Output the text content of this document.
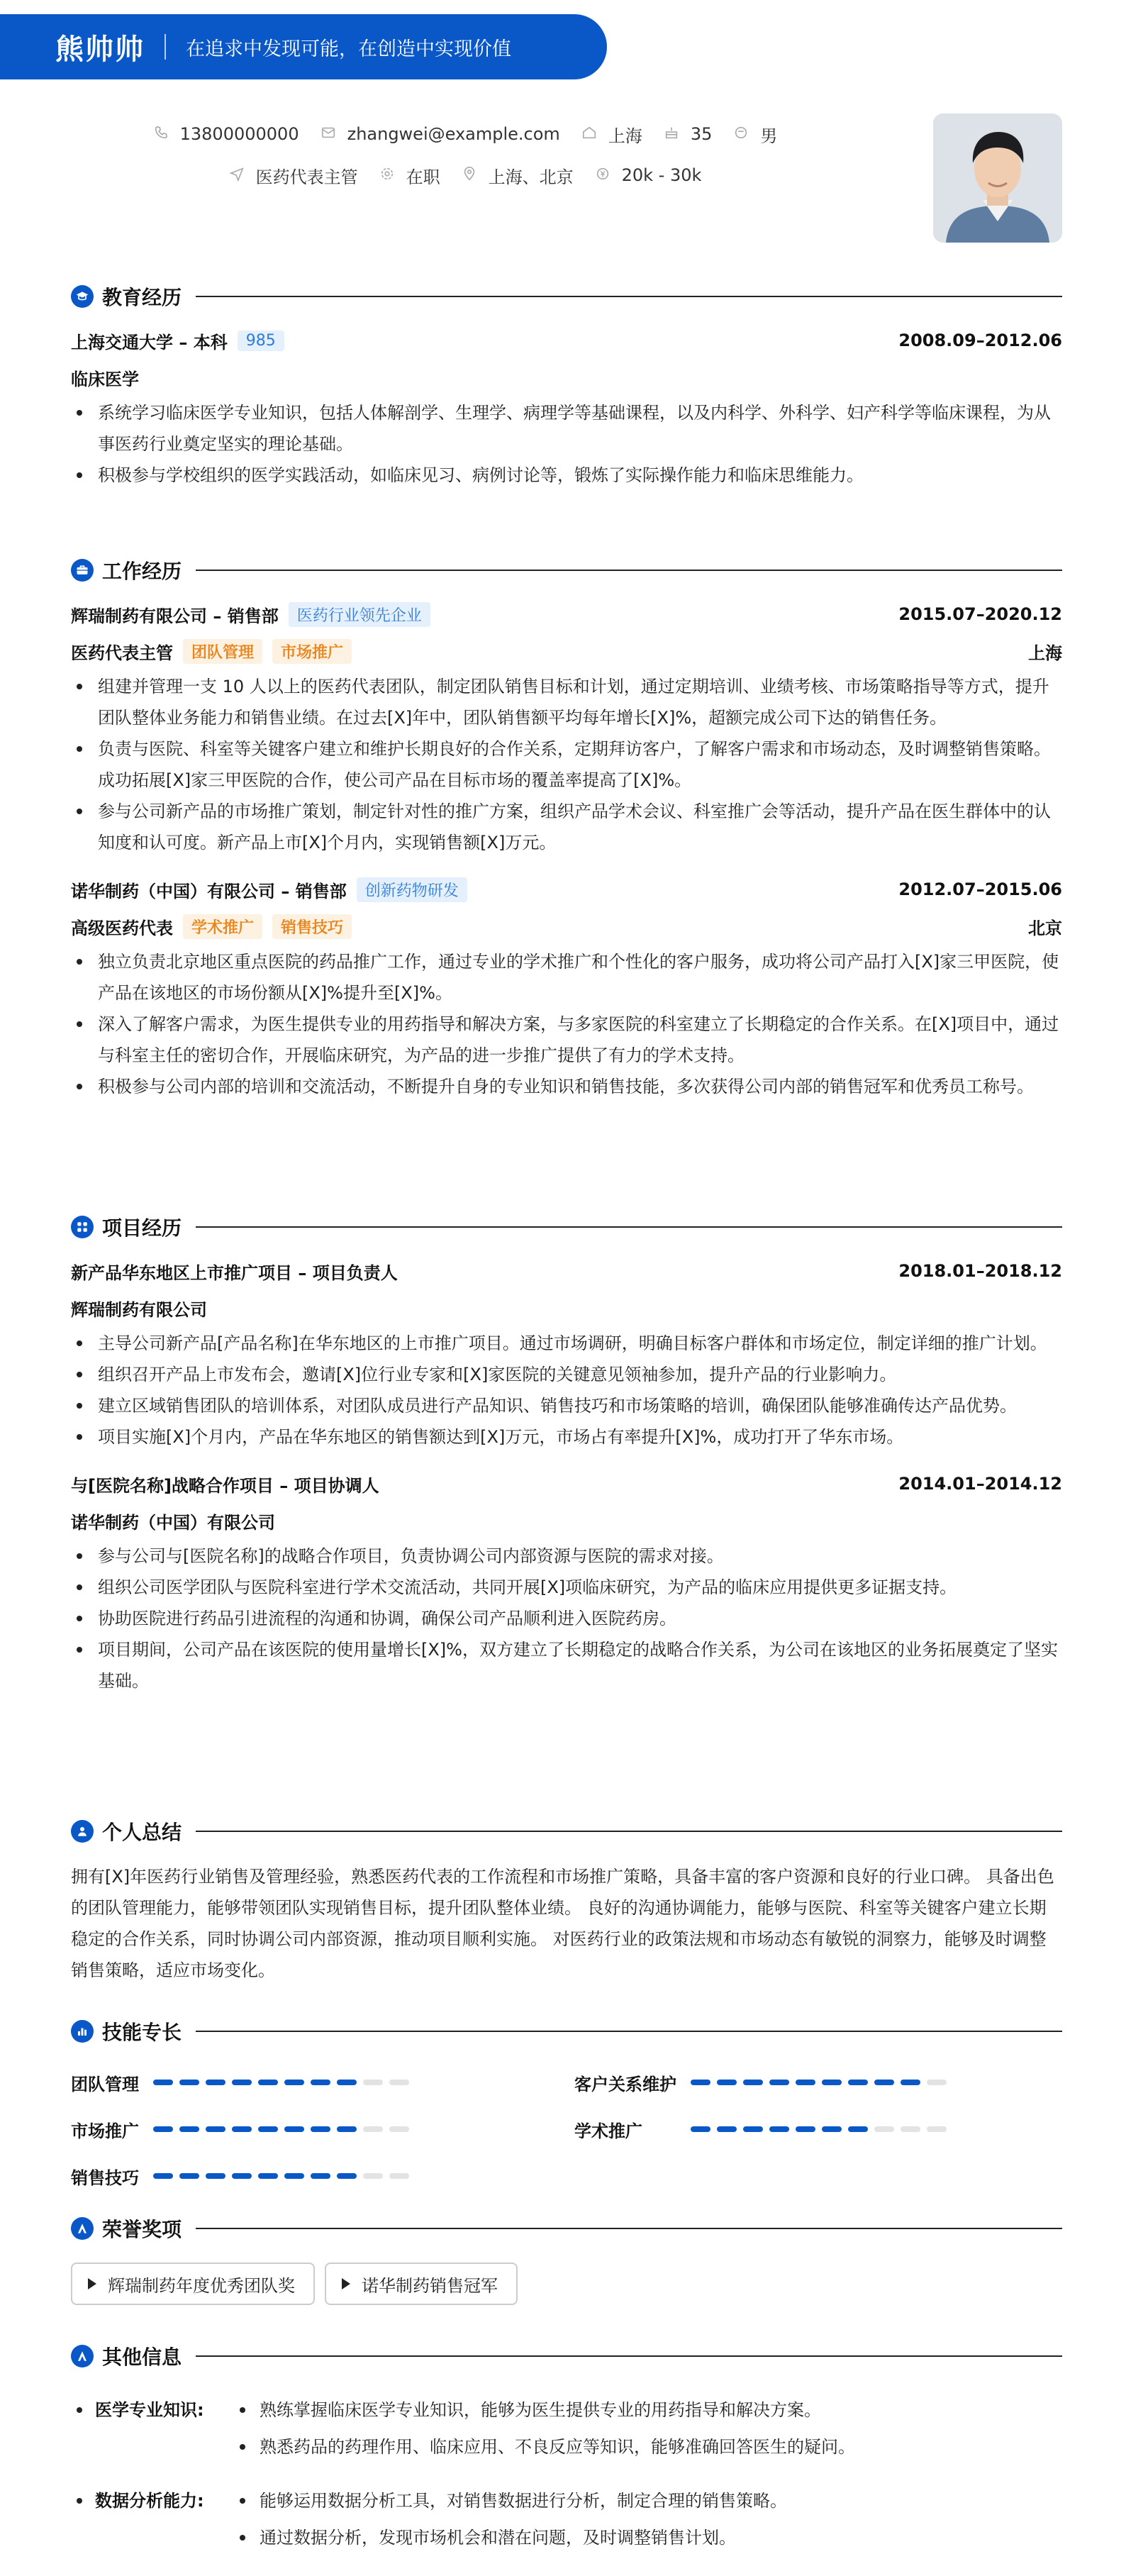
熊帅帅 在追求中发现可能，在创造中实现价值
13800000000	zhangwei@example.com	上海	35	男
医药代表主管	在职	上海、北京	20k - 30k
教育经历
上海交通大学 – 本科	985	2008.09–2012.06
临床医学
系统学习临床医学专业知识，包括人体解剖学、生理学、病理学等基础课程，以及内科学、外科学、妇产科学等临床课程，为从事医药行业奠定坚实的理论基础。
积极参与学校组织的医学实践活动，如临床见习、病例讨论等，锻炼了实际操作能力和临床思维能力。
工作经历
辉瑞制药有限公司 – 销售部	医药行业领先企业	2015.07–2020.12
医药代表主管	团队管理	市场推广	上海
组建并管理一支 10 人以上的医药代表团队，制定团队销售目标和计划，通过定期培训、业绩考核、市场策略指导等方式，提升团队整体业务能力和销售业绩。在过去[X]年中，团队销售额平均每年增长[X]%，超额完成公司下达的销售任务。
负责与医院、科室等关键客户建立和维护长期良好的合作关系，定期拜访客户，了解客户需求和市场动态，及时调整销售策略。成功拓展[X]家三甲医院的合作，使公司产品在目标市场的覆盖率提高了[X]%。
参与公司新产品的市场推广策划，制定针对性的推广方案，组织产品学术会议、科室推广会等活动，提升产品在医生群体中的认知度和认可度。新产品上市[X]个月内，实现销售额[X]万元。
诺华制药（中国）有限公司 – 销售部	创新药物研发	2012.07–2015.06
高级医药代表	学术推广	销售技巧	北京
独立负责北京地区重点医院的药品推广工作，通过专业的学术推广和个性化的客户服务，成功将公司产品打入[X]家三甲医院，使产品在该地区的市场份额从[X]%提升至[X]%。
深入了解客户需求，为医生提供专业的用药指导和解决方案，与多家医院的科室建立了长期稳定的合作关系。在[X]项目中，通过与科室主任的密切合作，开展临床研究，为产品的进一步推广提供了有力的学术支持。
积极参与公司内部的培训和交流活动，不断提升自身的专业知识和销售技能，多次获得公司内部的销售冠军和优秀员工称号。
项目经历
新产品华东地区上市推广项目 – 项目负责人	2018.01–2018.12
辉瑞制药有限公司
主导公司新产品[产品名称]在华东地区的上市推广项目。通过市场调研，明确目标客户群体和市场定位，制定详细的推广计划。
组织召开产品上市发布会，邀请[X]位行业专家和[X]家医院的关键意见领袖参加，提升产品的行业影响力。
建立区域销售团队的培训体系，对团队成员进行产品知识、销售技巧和市场策略的培训，确保团队能够准确传达产品优势。
项目实施[X]个月内，产品在华东地区的销售额达到[X]万元，市场占有率提升[X]%，成功打开了华东市场。
与[医院名称]战略合作项目 – 项目协调人	2014.01–2014.12
诺华制药（中国）有限公司
参与公司与[医院名称]的战略合作项目，负责协调公司内部资源与医院的需求对接。
组织公司医学团队与医院科室进行学术交流活动，共同开展[X]项临床研究，为产品的临床应用提供更多证据支持。
协助医院进行药品引进流程的沟通和协调，确保公司产品顺利进入医院药房。
项目期间，公司产品在该医院的使用量增长[X]%，双方建立了长期稳定的战略合作关系，为公司在该地区的业务拓展奠定了坚实基础。
个人总结
拥有[X]年医药行业销售及管理经验，熟悉医药代表的工作流程和市场推广策略，具备丰富的客户资源和良好的行业口碑。 具备出色的团队管理能力，能够带领团队实现销售目标，提升团队整体业绩。 良好的沟通协调能力，能够与医院、科室等关键客户建立长期稳定的合作关系，同时协调公司内部资源，推动项目顺利实施。 对医药行业的政策法规和市场动态有敏锐的洞察力，能够及时调整销售策略，适应市场变化。
技能专长
团队管理	客户关系维护
市场推广	学术推广
销售技巧
荣誉奖项
辉瑞制药年度优秀团队奖	诺华制药销售冠军
其他信息
医学专业知识:	熟练掌握临床医学专业知识，能够为医生提供专业的用药指导和解决方案。
熟悉药品的药理作用、临床应用、不良反应等知识，能够准确回答医生的疑问。
数据分析能力:	能够运用数据分析工具，对销售数据进行分析，制定合理的销售策略。
通过数据分析，发现市场机会和潜在问题，及时调整销售计划。
